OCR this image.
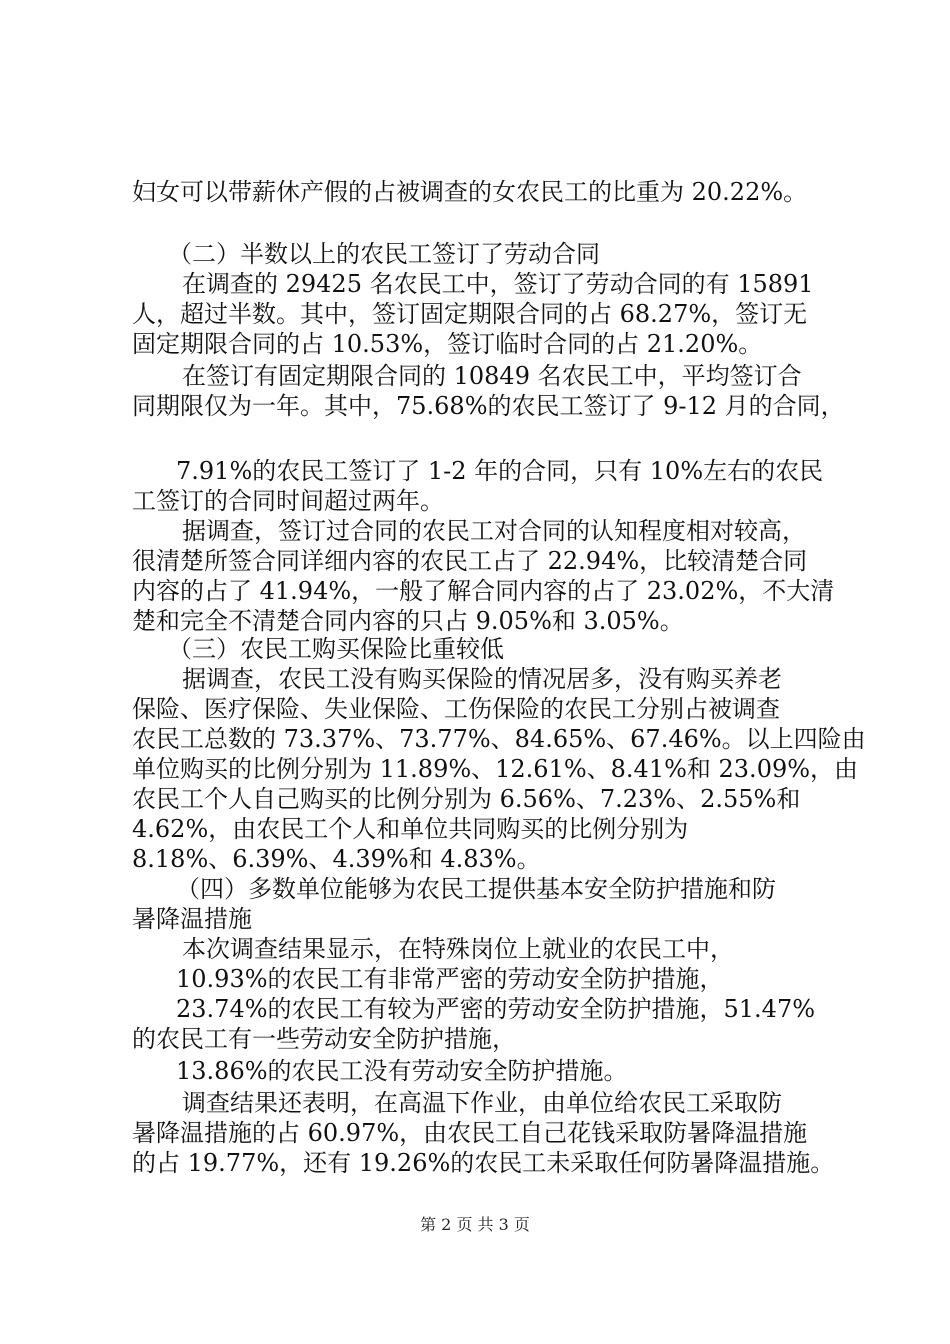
妇女可以带薪休产假的占被调查的女农民工的比重为 20.22%。
（二）半数以上的农民工签订了劳动合同
在调查的 29425 名农民工中，签订了劳动合同的有 15891
人，超过半数。其中，签订固定期限合同的占 68.27%，签订无
固定期限合同的占 10.53%，签订临时合同的占 21.20%。
在签订有固定期限合同的 10849 名农民工中，平均签订合
同期限仅为一年。其中，75.68%的农民工签订了 9-12 月的合同，
7.91%的农民工签订了 1-2 年的合同，只有 10%左右的农民
工签订的合同时间超过两年。
据调查，签订过合同的农民工对合同的认知程度相对较高，
很清楚所签合同详细内容的农民工占了 22.94%，比较清楚合同
内容的占了 41.94%，一般了解合同内容的占了 23.02%，不大清
楚和完全不清楚合同内容的只占 9.05%和 3.05%。
（三）农民工购买保险比重较低
据调查，农民工没有购买保险的情况居多，没有购买养老
保险、医疗保险、失业保险、工伤保险的农民工分别占被调查
农民工总数的 73.37%、73.77%、84.65%、67.46%。以上四险由
单位购买的比例分别为 11.89%、12.61%、8.41%和 23.09%，由
农民工个人自己购买的比例分别为 6.56%、7.23%、2.55%和
4.62%，由农民工个人和单位共同购买的比例分别为
8.18%、6.39%、4.39%和 4.83%。
（四）多数单位能够为农民工提供基本安全防护措施和防
暑降温措施
本次调查结果显示，在特殊岗位上就业的农民工中，
10.93%的农民工有非常严密的劳动安全防护措施，
23.74%的农民工有较为严密的劳动安全防护措施，51.47%
的农民工有一些劳动安全防护措施，
13.86%的农民工没有劳动安全防护措施。
调查结果还表明，在高温下作业，由单位给农民工采取防
暑降温措施的占 60.97%，由农民工自己花钱采取防暑降温措施
的占 19.77%，还有 19.26%的农民工未采取任何防暑降温措施。
第 2 页 共 3 页
